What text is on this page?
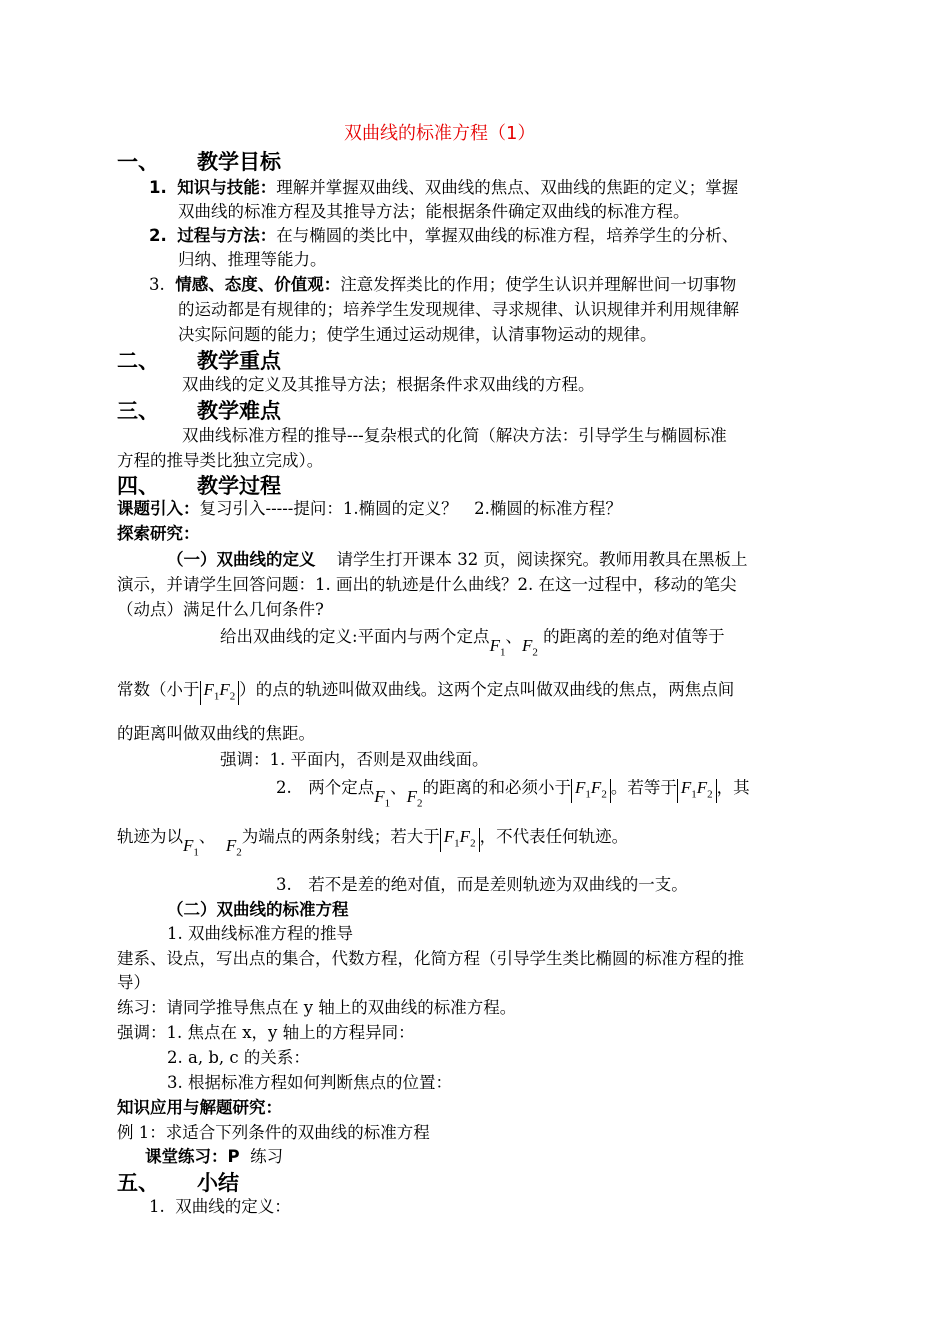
双曲线的标准方程（1）
一、 教学目标
1. 知识与技能：理解并掌握双曲线、双曲线的焦点、双曲线的焦距的定义；掌握
双曲线的标准方程及其推导方法；能根据条件确定双曲线的标准方程。
2. 过程与方法：在与椭圆的类比中，掌握双曲线的标准方程，培养学生的分析、
归纳、推理等能力。
3. 情感、态度、价值观：注意发挥类比的作用；使学生认识并理解世间一切事物
的运动都是有规律的；培养学生发现规律、寻求规律、认识规律并利用规律解
决实际问题的能力；使学生通过运动规律，认清事物运动的规律。
二、 教学重点
双曲线的定义及其推导方法；根据条件求双曲线的方程。
三、 教学难点
双曲线标准方程的推导---复杂根式的化简（解决方法：引导学生与椭圆标准
方程的推导类比独立完成）。
四、 教学过程
课题引入：复习引入-----提问：1.椭圆的定义？　2.椭圆的标准方程？
探索研究：
（一）双曲线的定义 请学生打开课本 32 页，阅读探究。教师用教具在黑板上
演示，并请学生回答问题：1. 画出的轨迹是什么曲线？2. 在这一过程中，移动的笔尖
（动点）满足什么几何条件?
给出双曲线的定义:平面内与两个定点$F_1$、$F_2$ 的距离的差的绝对值等于
常数（小于 $F_1F_2$ ）的点的轨迹叫做双曲线。这两个定点叫做双曲线的焦点，两焦点间
的距离叫做双曲线的焦距。
强调：1. 平面内，否则是双曲线面。
2.　两个定点$F_1$、$F_2$的距离的和必须小于 $F_1F_2$ 。若等于 $F_1F_2$ ，其
轨迹为以$F_1$、 $F_2$为端点的两条射线；若大于 $F_1F_2$ ，不代表任何轨迹。
3.　若不是差的绝对值，而是差则轨迹为双曲线的一支。
（二）双曲线的标准方程
1. 双曲线标准方程的推导
建系、设点，写出点的集合，代数方程，化简方程（引导学生类比椭圆的标准方程的推
导）
练习：请同学推导焦点在 y 轴上的双曲线的标准方程。
强调：1. 焦点在 x，y 轴上的方程异同：
2. a, b, c 的关系：
3. 根据标准方程如何判断焦点的位置：
知识应用与解题研究：
例 1：求适合下列条件的双曲线的标准方程
课堂练习：P 练习
五、 小结
1. 双曲线的定义：
